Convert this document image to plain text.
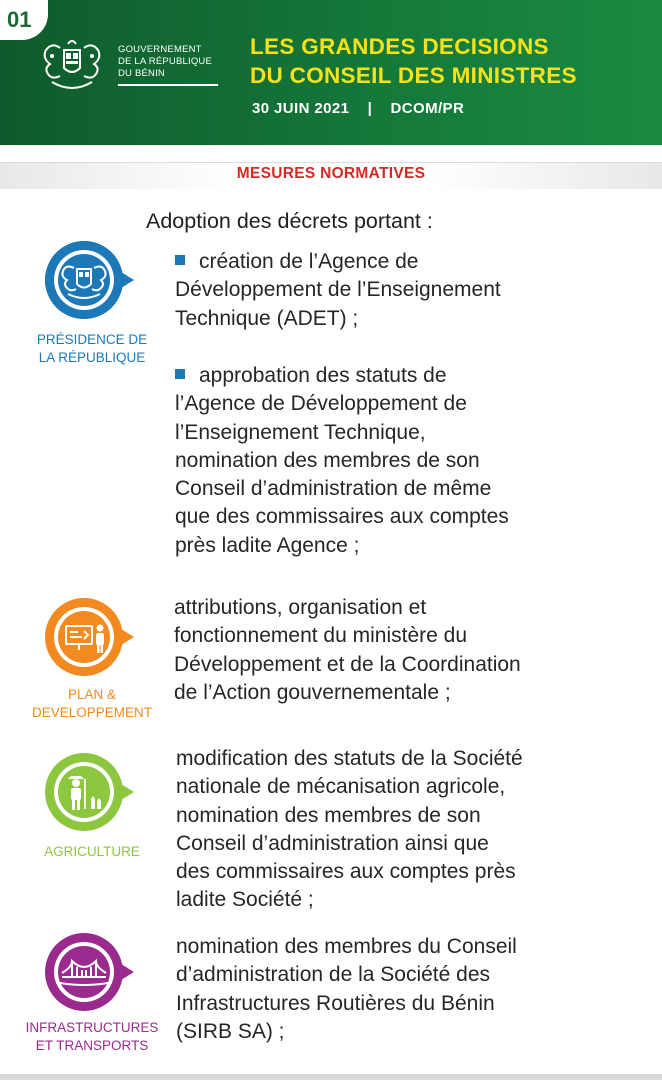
01
GOUVERNEMENT
DE LA RÉPUBLIQUE
DU BÉNIN
LES GRANDES DECISIONS
DU CONSEIL DES MINISTRES
30 JUIN 2021 | DCOM/PR
MESURES NORMATIVES
Adoption des décrets portant :
PRÉSIDENCE DE
LA RÉPUBLIQUE
création de l’Agence de
Développement de l’Enseignement
Technique (ADET) ;
approbation des statuts de
l’Agence de Développement de
l’Enseignement Technique,
nomination des membres de son
Conseil d’administration de même
que des commissaires aux comptes
près ladite Agence ;
PLAN &
DEVELOPPEMENT
attributions, organisation et
fonctionnement du ministère du
Développement et de la Coordination
de l’Action gouvernementale ;
AGRICULTURE
modification des statuts de la Société
nationale de mécanisation agricole,
nomination des membres de son
Conseil d’administration ainsi que
des commissaires aux comptes près
ladite Société ;
INFRASTRUCTURES
ET TRANSPORTS
nomination des membres du Conseil
d’administration de la Société des
Infrastructures Routières du Bénin
(SIRB SA) ;
